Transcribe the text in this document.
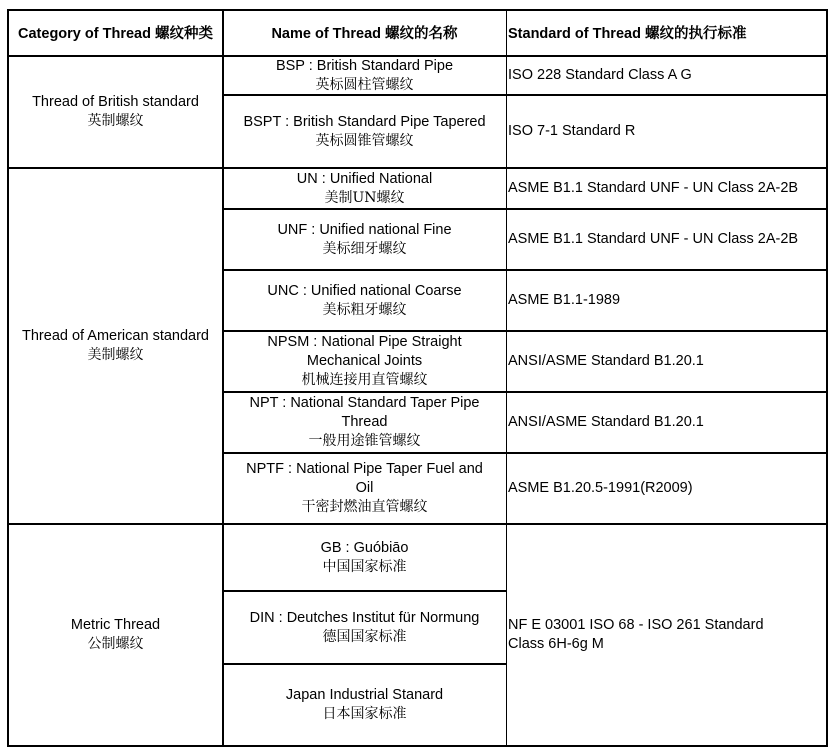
Category of Thread 螺纹种类	Name of Thread 螺纹的名称	Standard of Thread 螺纹的执行标准
Thread of British standard
英制螺纹
Thread of American standard
美制螺纹
Metric Thread
公制螺纹
BSP : British Standard Pipe
英标圆柱管螺纹
BSPT : British Standard Pipe Tapered
英标圆锥管螺纹
UN : Unified National
美制UN螺纹
UNF : Unified national Fine
美标细牙螺纹
UNC : Unified national Coarse
美标粗牙螺纹
NPSM : National Pipe Straight
Mechanical Joints
机械连接用直管螺纹
NPT : National Standard Taper Pipe
Thread
一般用途锥管螺纹
NPTF : National Pipe Taper Fuel and
Oil
干密封燃油直管螺纹
GB : Guóbiāo
中国国家标准
DIN : Deutches Institut für Normung
德国国家标准
Japan Industrial Stanard
日本国家标准
ISO 228 Standard Class A G
ISO 7-1 Standard R
ASME B1.1 Standard UNF - UN Class 2A-2B
ASME B1.1 Standard UNF - UN Class 2A-2B
ASME B1.1-1989
ANSI/ASME Standard B1.20.1
ANSI/ASME Standard B1.20.1
ASME B1.20.5-1991(R2009)
NF E 03001 ISO 68 - ISO 261 Standard
Class 6H-6g M
